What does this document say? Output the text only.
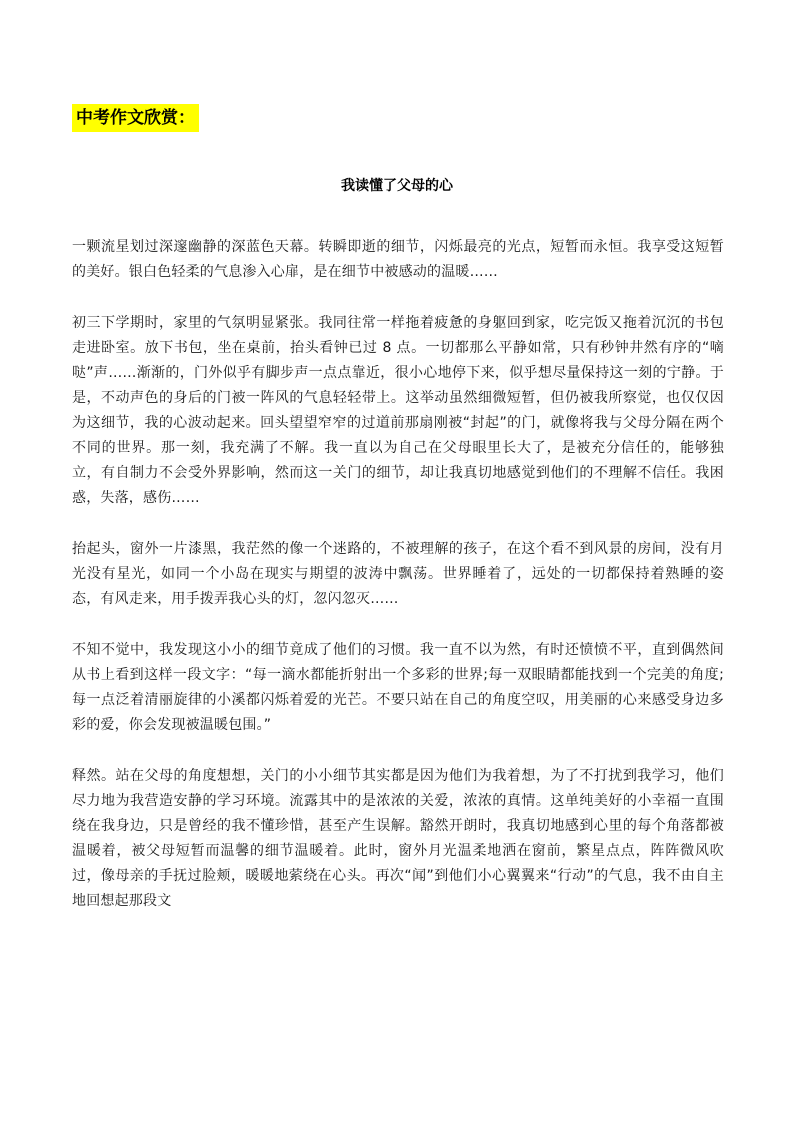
中考作文欣赏：
我读懂了父母的心

一颗流星划过深邃幽静的深蓝色天幕。转瞬即逝的细节，闪烁最亮的光点，短暂而永恒。我享受这短暂的美好。银白色轻柔的气息渗入心扉，是在细节中被感动的温暖……

初三下学期时，家里的气氛明显紧张。我同往常一样拖着疲惫的身躯回到家，吃完饭又拖着沉沉的书包走进卧室。放下书包，坐在桌前，抬头看钟已过 8 点。一切都那么平静如常，只有秒钟井然有序的“嘀哒”声……渐渐的，门外似乎有脚步声一点点靠近，很小心地停下来，似乎想尽量保持这一刻的宁静。于是，不动声色的身后的门被一阵风的气息轻轻带上。这举动虽然细微短暂，但仍被我所察觉，也仅仅因为这细节，我的心波动起来。回头望望窄窄的过道前那扇刚被“封起”的门，就像将我与父母分隔在两个不同的世界。那一刻，我充满了不解。我一直以为自己在父母眼里长大了，是被充分信任的，能够独立，有自制力不会受外界影响，然而这一关门的细节，却让我真切地感觉到他们的不理解不信任。我困惑，失落，感伤……

抬起头，窗外一片漆黑，我茫然的像一个迷路的，不被理解的孩子，在这个看不到风景的房间，没有月光没有星光，如同一个小岛在现实与期望的波涛中飘荡。世界睡着了，远处的一切都保持着熟睡的姿态，有风走来，用手拨弄我心头的灯，忽闪忽灭……

不知不觉中，我发现这小小的细节竟成了他们的习惯。我一直不以为然，有时还愤愤不平，直到偶然间从书上看到这样一段文字：“每一滴水都能折射出一个多彩的世界;每一双眼睛都能找到一个完美的角度;每一点泛着清丽旋律的小溪都闪烁着爱的光芒。不要只站在自己的角度空叹，用美丽的心来感受身边多彩的爱，你会发现被温暖包围。”

释然。站在父母的角度想想，关门的小小细节其实都是因为他们为我着想，为了不打扰到我学习，他们尽力地为我营造安静的学习环境。流露其中的是浓浓的关爱，浓浓的真情。这单纯美好的小幸福一直围绕在我身边，只是曾经的我不懂珍惜，甚至产生误解。豁然开朗时，我真切地感到心里的每个角落都被温暖着，被父母短暂而温馨的细节温暖着。此时，窗外月光温柔地洒在窗前，繁星点点，阵阵微风吹过，像母亲的手抚过脸颊，暖暖地萦绕在心头。再次“闻”到他们小心翼翼来“行动”的气息，我不由自主地回想起那段文
